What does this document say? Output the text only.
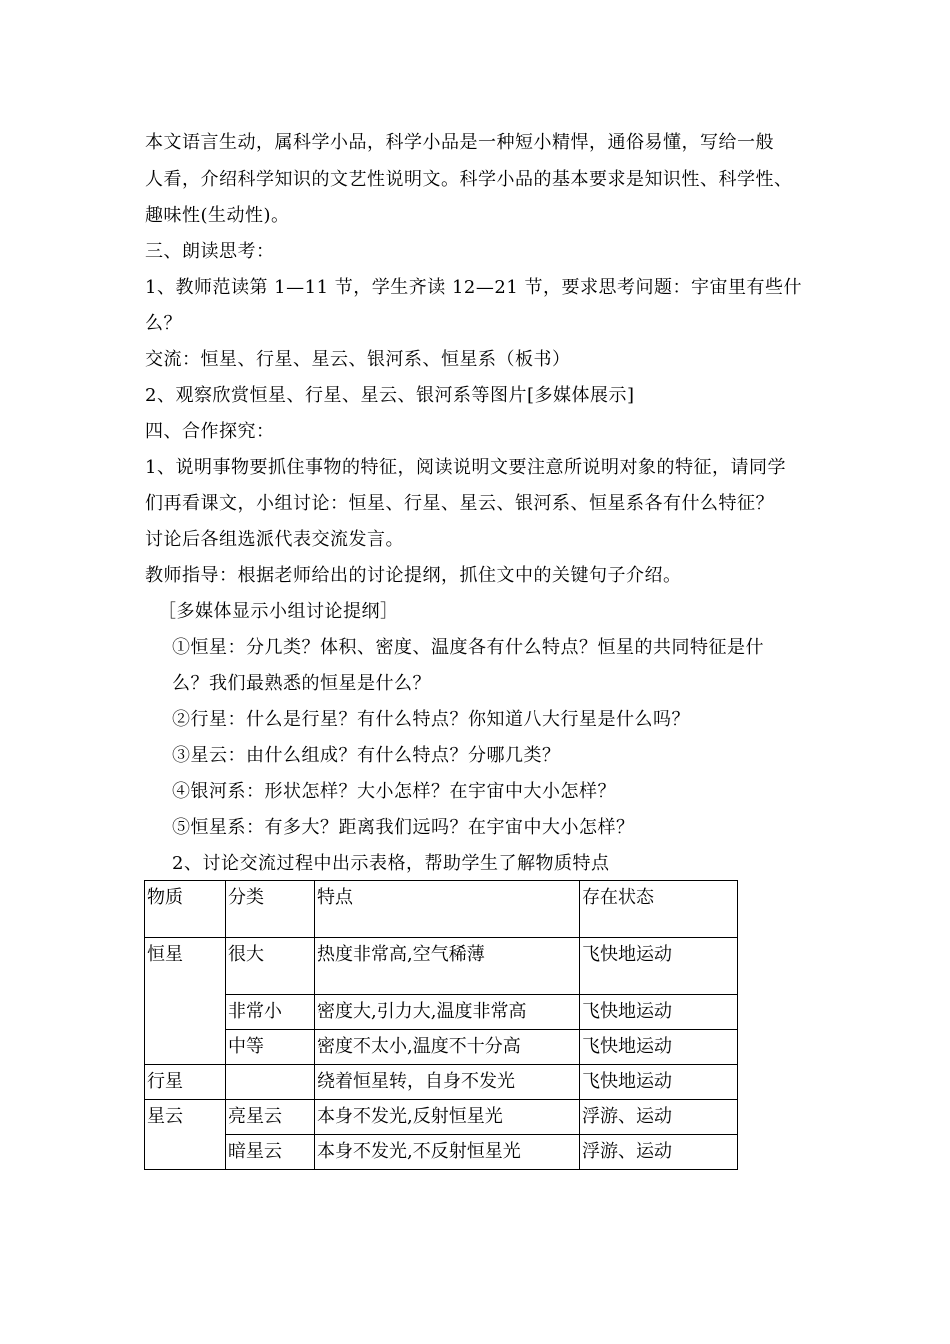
本文语言生动，属科学小品，科学小品是一种短小精悍，通俗易懂，写给一般
人看，介绍科学知识的文艺性说明文。科学小品的基本要求是知识性、科学性、
趣味性(生动性)。
三、朗读思考：
1、教师范读第 1—11 节，学生齐读 12—21 节，要求思考问题：宇宙里有些什
么？
交流：恒星、行星、星云、银河系、恒星系（板书）
2、观察欣赏恒星、行星、星云、银河系等图片[多媒体展示]
四、合作探究：
1、说明事物要抓住事物的特征，阅读说明文要注意所说明对象的特征，请同学
们再看课文，小组讨论：恒星、行星、星云、银河系、恒星系各有什么特征？
讨论后各组选派代表交流发言。
教师指导：根据老师给出的讨论提纲，抓住文中的关键句子介绍。
［多媒体显示小组讨论提纲］
①恒星：分几类？体积、密度、温度各有什么特点？恒星的共同特征是什
么？我们最熟悉的恒星是什么？
②行星：什么是行星？有什么特点？你知道八大行星是什么吗？
③星云：由什么组成？有什么特点？分哪几类？
④银河系：形状怎样？大小怎样？在宇宙中大小怎样？
⑤恒星系：有多大？距离我们远吗？在宇宙中大小怎样？
2、讨论交流过程中出示表格，帮助学生了解物质特点
物质	分类	特点	存在状态
恒星	很大	热度非常高,空气稀薄	飞快地运动
	非常小	密度大,引力大,温度非常高	飞快地运动
	中等	密度不太小,温度不十分高	飞快地运动
行星		绕着恒星转，自身不发光	飞快地运动
星云	亮星云	本身不发光,反射恒星光	浮游、运动
	暗星云	本身不发光,不反射恒星光	浮游、运动
